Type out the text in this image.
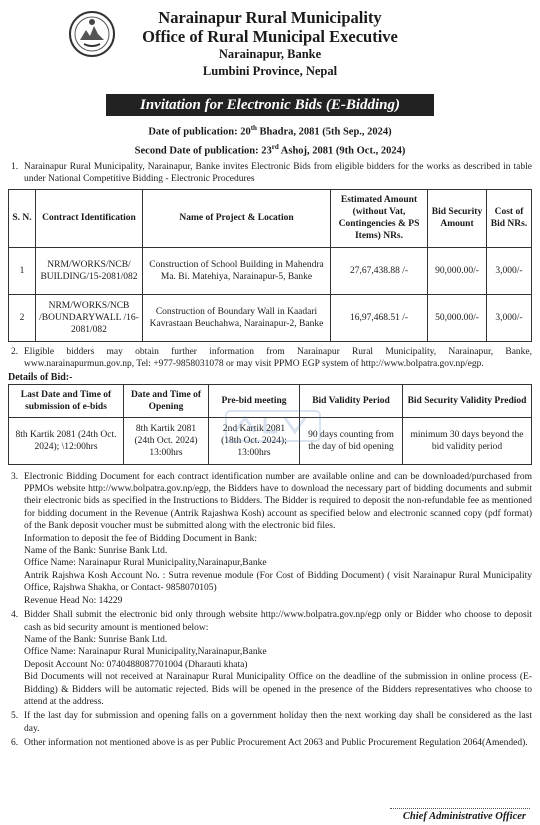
Narainapur Rural Municipality
Office of Rural Municipal Executive
Narainapur, Banke
Lumbini Province, Nepal
Invitation for Electronic Bids (E-Bidding)
Date of publication: 20th Bhadra, 2081 (5th Sep., 2024)
Second Date of publication: 23rd Ashoj, 2081 (9th Oct., 2024)
1. Narainapur Rural Municipality, Narainapur, Banke invites Electronic Bids from eligible bidders for the works as described in table under National Competitive Bidding - Electronic Procedures
S. N.	Contract Identification	Name of Project & Location	Estimated Amount (without Vat, Contingencies & PS Items) NRs.	Bid Security Amount	Cost of Bid NRs.
1	NRM/WORKS/NCB/ BUILDING/15-2081/082	Construction of School Building in Mahendra Ma. Bi. Matehiya, Narainapur-5, Banke	27,67,438.88 /-	90,000.00/-	3,000/-
2	NRM/WORKS/NCB /BOUNDARYWALL /16-2081/082	Construction of Boundary Wall in Kaadari Kavrastaan Beuchahwa, Narainapur-2, Banke	16,97,468.51 /-	50,000.00/-	3,000/-
2. Eligible bidders may obtain further information from Narainapur Rural Municipality, Narainapur, Banke, www.narainapurmun.gov.np, Tel: +977-9858031078 or may visit PPMO EGP system of http://www.bolpatra.gov.np/egp.
Details of Bid:-
Last Date and Time of submission of e-bids	Date and Time of Opening	Pre-bid meeting	Bid Validity Period	Bid Security Validity Prediod
8th Kartik 2081 (24th Oct. 2024); \12:00hrs	8th Kartik 2081 (24th Oct. 2024) 13:00hrs	2nd Kartik 2081 (18th Oct. 2024); 13:00hrs	90 days counting from the day of bid opening	minimum 30 days beyond the bid validity period
3. Electronic Bidding Document for each contract identification number are available online and can be downloaded/purchased from PPMOs website http://www.bolpatra.gov.np/egp, the Bidders have to download the necessary part of bidding documents and submit their electronic bids as specified in the Instructions to Bidders. The Bidder is required to deposit the non-refundable fee as mentioned for bidding document in the Revenue (Antrik Rajashwa Kosh) account as specified below and electronic scanned copy (pdf format) of the Bank deposit voucher must be submitted along with the electronic bid files.
Information to deposit the fee of Bidding Document in Bank:
Name of the Bank: Sunrise Bank Ltd.
Office Name: Narainapur Rural Municipality,Narainapur,Banke
Antrik Rajshwa Kosh Account No. : Sutra revenue module (For Cost of Bidding Document) ( visit Narainapur Rural Municipality Office, Rajshwa Shakha, or Contact- 9858070105)
Revenue Head No: 14229
4. Bidder Shall submit the electronic bid only through website http://www.bolpatra.gov.np/egp only or Bidder who choose to deposit cash as bid security amount is mentioned below:
Name of the Bank: Sunrise Bank Ltd.
Office Name: Narainapur Rural Municipality,Narainapur,Banke
Deposit Account No: 0740488087701004 (Dharauti khata)
Bid Documents will not received at Narainapur Rural Municipality Office on the deadline of the submission in online process (E-Bidding) & Bidders will be automatic rejected. Bids will be opened in the presence of the Bidders representatives who choose to attend at the address.
5. If the last day for submission and opening falls on a government holiday then the next working day shall be considered as the last day.
6. Other information not mentioned above is as per Public Procurement Act 2063 and Public Procurement Regulation 2064(Amended).
Chief Administrative Officer
